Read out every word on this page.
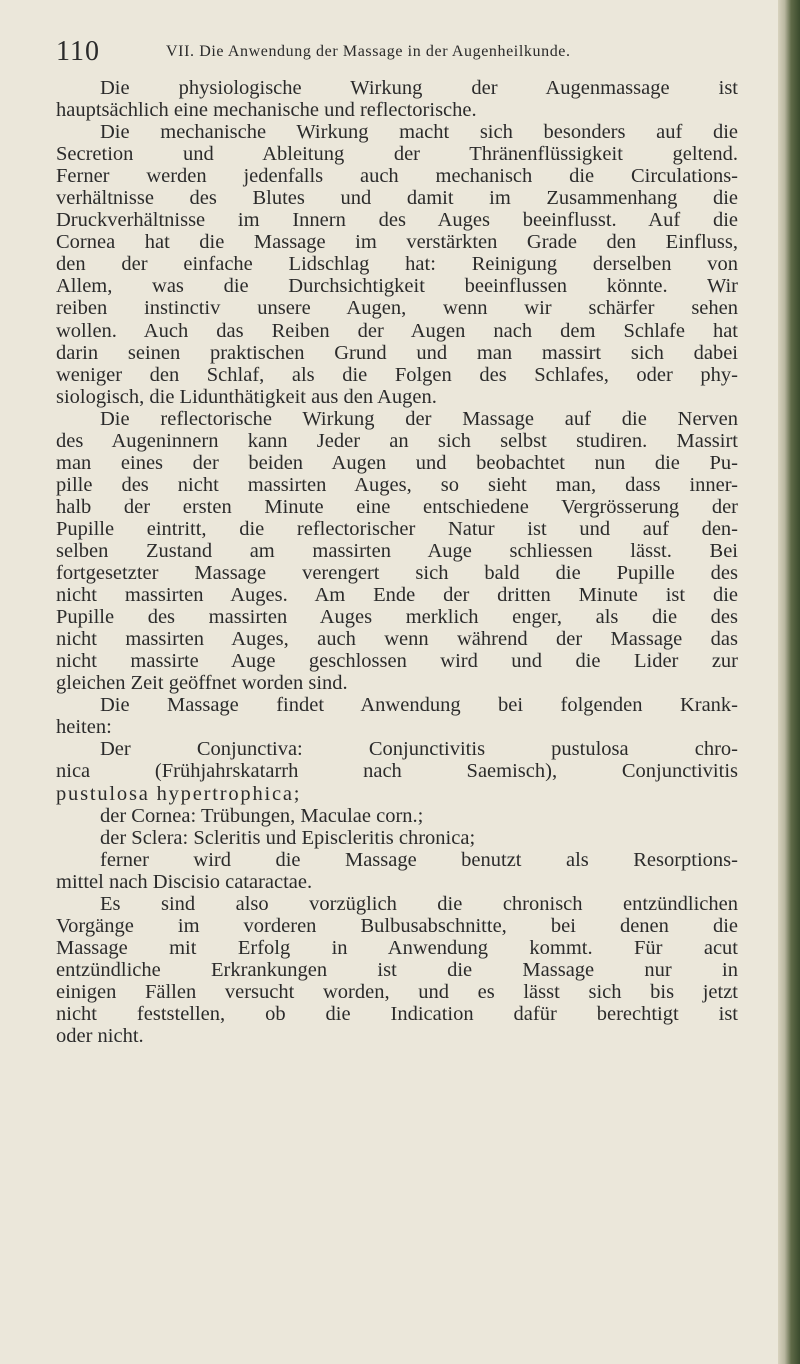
110	VII. Die Anwendung der Massage in der Augenheilkunde.
Die physiologische Wirkung der Augenmassage ist
hauptsächlich eine mechanische und reflectorische.
Die mechanische Wirkung macht sich besonders auf die
Secretion und Ableitung der Thränenflüssigkeit geltend.
Ferner werden jedenfalls auch mechanisch die Circulations-
verhältnisse des Blutes und damit im Zusammenhang die
Druckverhältnisse im Innern des Auges beeinflusst. Auf die
Cornea hat die Massage im verstärkten Grade den Einfluss,
den der einfache Lidschlag hat: Reinigung derselben von
Allem, was die Durchsichtigkeit beeinflussen könnte. Wir
reiben instinctiv unsere Augen, wenn wir schärfer sehen
wollen. Auch das Reiben der Augen nach dem Schlafe hat
darin seinen praktischen Grund und man massirt sich dabei
weniger den Schlaf, als die Folgen des Schlafes, oder phy-
siologisch, die Lidunthätigkeit aus den Augen.
Die reflectorische Wirkung der Massage auf die Nerven
des Augeninnern kann Jeder an sich selbst studiren. Massirt
man eines der beiden Augen und beobachtet nun die Pu-
pille des nicht massirten Auges, so sieht man, dass inner-
halb der ersten Minute eine entschiedene Vergrösserung der
Pupille eintritt, die reflectorischer Natur ist und auf den-
selben Zustand am massirten Auge schliessen lässt. Bei
fortgesetzter Massage verengert sich bald die Pupille des
nicht massirten Auges. Am Ende der dritten Minute ist die
Pupille des massirten Auges merklich enger, als die des
nicht massirten Auges, auch wenn während der Massage das
nicht massirte Auge geschlossen wird und die Lider zur
gleichen Zeit geöffnet worden sind.
Die Massage findet Anwendung bei folgenden Krank-
heiten:
Der Conjunctiva: Conjunctivitis pustulosa chro-
nica (Frühjahrskatarrh nach Saemisch), Conjunctivitis
pustulosa hypertrophica;
der Cornea: Trübungen, Maculae corn.;
der Sclera: Scleritis und Episcleritis chronica;
ferner wird die Massage benutzt als Resorptions-
mittel nach Discisio cataractae.
Es sind also vorzüglich die chronisch entzündlichen
Vorgänge im vorderen Bulbusabschnitte, bei denen die
Massage mit Erfolg in Anwendung kommt. Für acut
entzündliche Erkrankungen ist die Massage nur in
einigen Fällen versucht worden, und es lässt sich bis jetzt
nicht feststellen, ob die Indication dafür berechtigt ist
oder nicht.
